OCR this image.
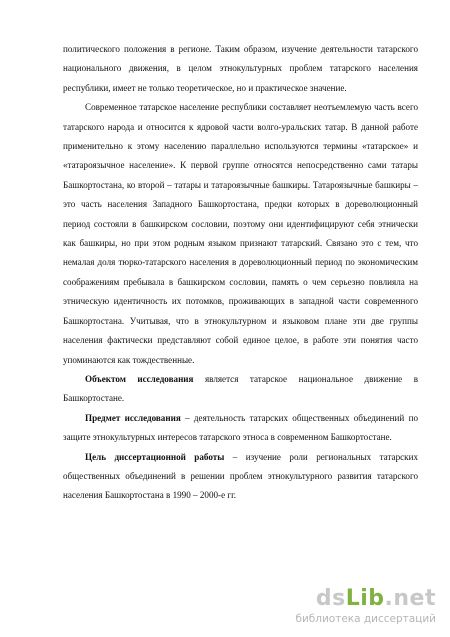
политического положения в регионе. Таким образом, изучение деятельности татарского национального движения, в целом этнокультурных проблем татарского населения республики, имеет не только теоретическое, но и практическое значение.

Современное татарское население республики составляет неотъемлемую часть всего татарского народа и относится к ядровой части волго-уральских татар. В данной работе применительно к этому населению параллельно используются термины «татарское» и «татароязычное население». К первой группе относятся непосредственно сами татары Башкортостана, ко второй – татары и татароязычные башкиры. Татароязычные башкиры – это часть населения Западного Башкортостана, предки которых в дореволюционный период состояли в башкирском сословии, поэтому они идентифицируют себя этнически как башкиры, но при этом родным языком признают татарский. Связано это с тем, что немалая доля тюрко-татарского населения в дореволюционный период по экономическим соображениям пребывала в башкирском сословии, память о чем серьезно повлияла на этническую идентичность их потомков, проживающих в западной части современного Башкортостана. Учитывая, что в этнокультурном и языковом плане эти две группы населения фактически представляют собой единое целое, в работе эти понятия часто упоминаются как тождественные.

Объектом исследования является татарское национальное движение в Башкортостане.

Предмет исследования – деятельность татарских общественных объединений по защите этнокультурных интересов татарского этноса в современном Башкортостане.

Цель диссертационной работы – изучение роли региональных татарских общественных объединений в решении проблем этнокультурного развития татарского населения Башкортостана в 1990 – 2000-е гг.

dsLib.net
библиотека диссертаций
